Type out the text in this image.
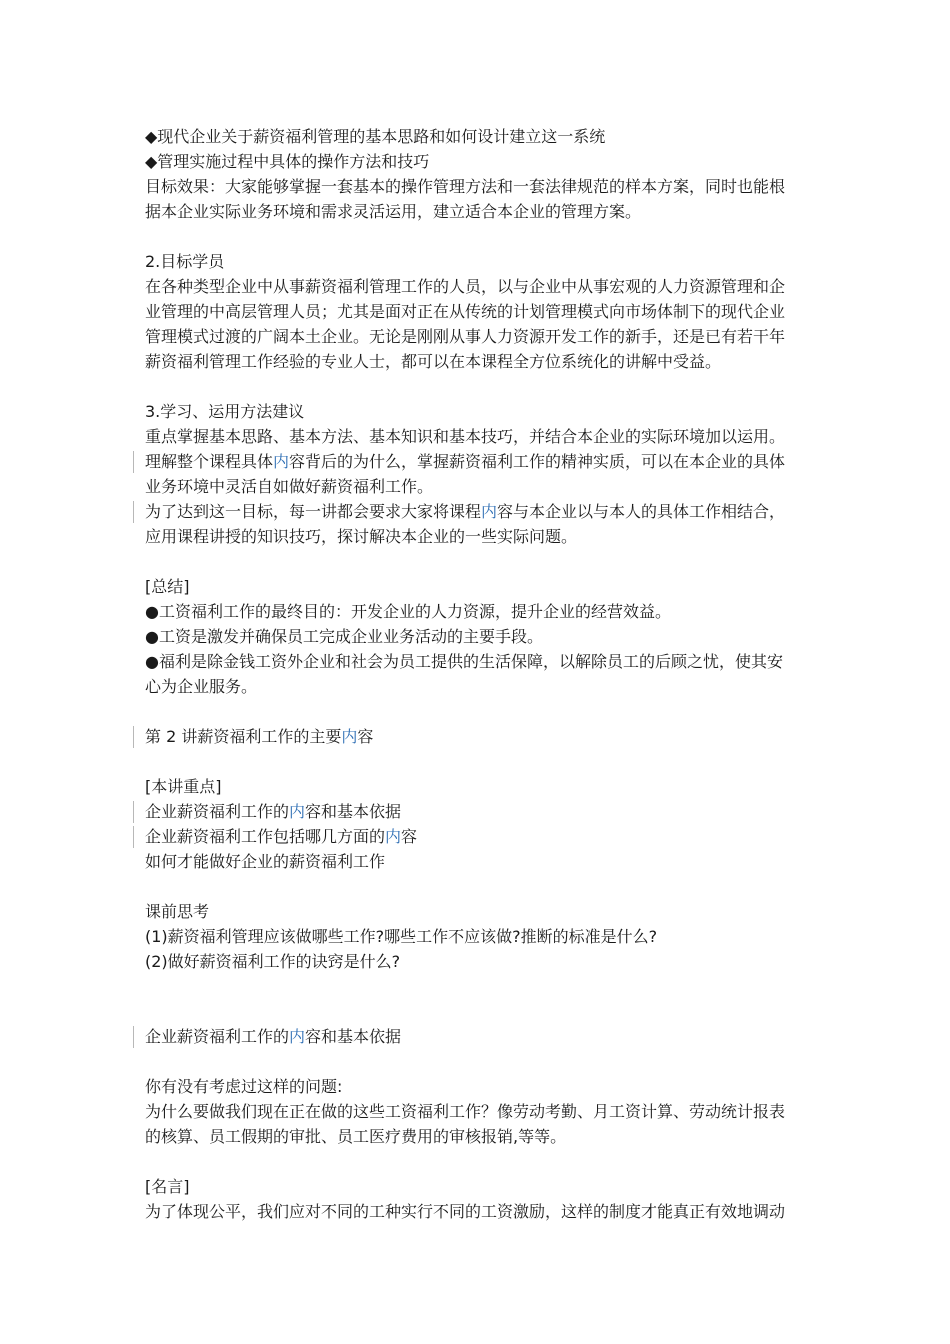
◆现代企业关于薪资福利管理的基本思路和如何设计建立这一系统
◆管理实施过程中具体的操作方法和技巧
目标效果：大家能够掌握一套基本的操作管理方法和一套法律规范的样本方案，同时也能根
据本企业实际业务环境和需求灵活运用，建立适合本企业的管理方案。
2.目标学员
在各种类型企业中从事薪资福利管理工作的人员，以与企业中从事宏观的人力资源管理和企
业管理的中高层管理人员；尤其是面对正在从传统的计划管理模式向市场体制下的现代企业
管理模式过渡的广阔本土企业。无论是刚刚从事人力资源开发工作的新手，还是已有若干年
薪资福利管理工作经验的专业人士，都可以在本课程全方位系统化的讲解中受益。
3.学习、运用方法建议
重点掌握基本思路、基本方法、基本知识和基本技巧，并结合本企业的实际环境加以运用。
理解整个课程具体内容背后的为什么，掌握薪资福利工作的精神实质，可以在本企业的具体
业务环境中灵活自如做好薪资福利工作。
为了达到这一目标，每一讲都会要求大家将课程内容与本企业以与本人的具体工作相结合，
应用课程讲授的知识技巧，探讨解决本企业的一些实际问题。
[总结]
●工资福利工作的最终目的：开发企业的人力资源，提升企业的经营效益。
●工资是激发并确保员工完成企业业务活动的主要手段。
●福利是除金钱工资外企业和社会为员工提供的生活保障，以解除员工的后顾之忧，使其安
心为企业服务。
第 2 讲薪资福利工作的主要内容
[本讲重点]
企业薪资福利工作的内容和基本依据
企业薪资福利工作包括哪几方面的内容
如何才能做好企业的薪资福利工作
课前思考
(1)薪资福利管理应该做哪些工作?哪些工作不应该做?推断的标准是什么?
(2)做好薪资福利工作的诀窍是什么?
企业薪资福利工作的内容和基本依据
你有没有考虑过这样的问题:
为什么要做我们现在正在做的这些工资福利工作？像劳动考勤、月工资计算、劳动统计报表
的核算、员工假期的审批、员工医疗费用的审核报销,等等。
[名言]
为了体现公平，我们应对不同的工种实行不同的工资激励，这样的制度才能真正有效地调动
